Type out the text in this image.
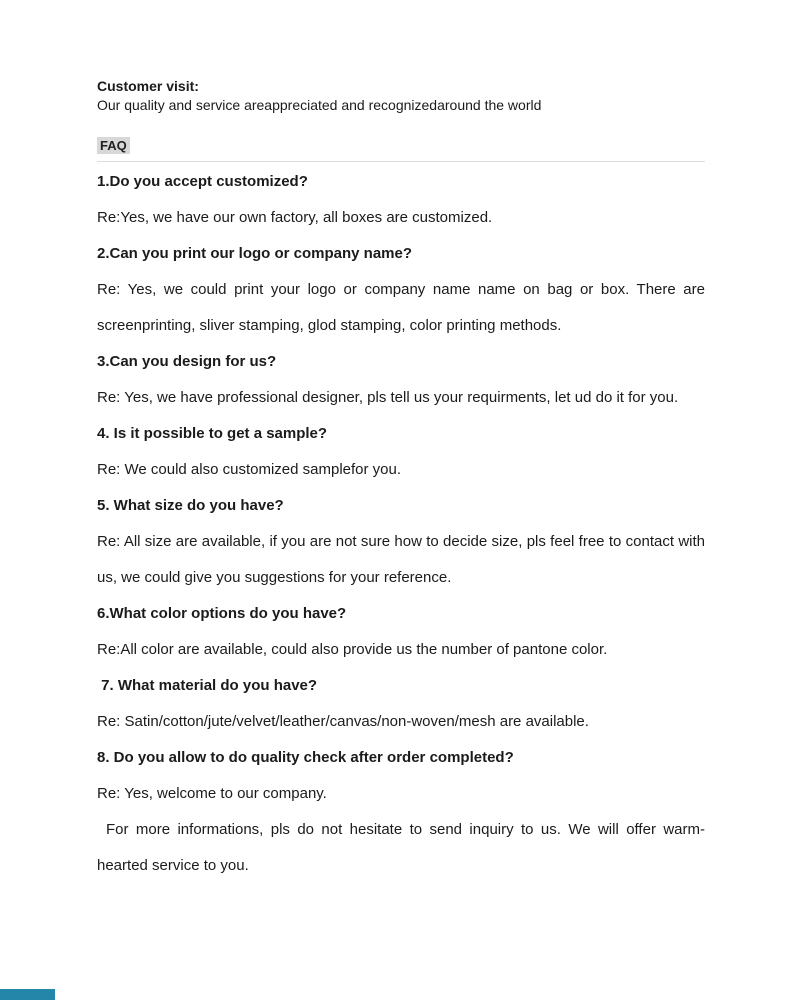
Customer visit:
Our quality and service areappreciated and recognizedaround the world
FAQ

1.Do you accept customized?

Re:Yes, we have our own factory, all boxes are customized.

2.Can you print our logo or company name?

Re: Yes, we could print your logo or company name name on bag or box. There are screenprinting, sliver stamping, glod stamping, color printing methods.

3.Can you design for us?

Re: Yes, we have professional designer, pls tell us your requirments, let ud do it for you.

4. Is it possible to get a sample?

Re: We could also customized samplefor you.

5. What size do you have?

Re: All size are available, if you are not sure how to decide size, pls feel free to contact with us, we could give you suggestions for your reference.

6.What color options do you have?

Re:All color are available, could also provide us the number of pantone color.

7. What material do you have?

Re: Satin/cotton/jute/velvet/leather/canvas/non-woven/mesh are available.

8. Do you allow to do quality check after order completed?

Re: Yes, welcome to our company.

For more informations, pls do not hesitate to send inquiry to us. We will offer warm-hearted service to you.
